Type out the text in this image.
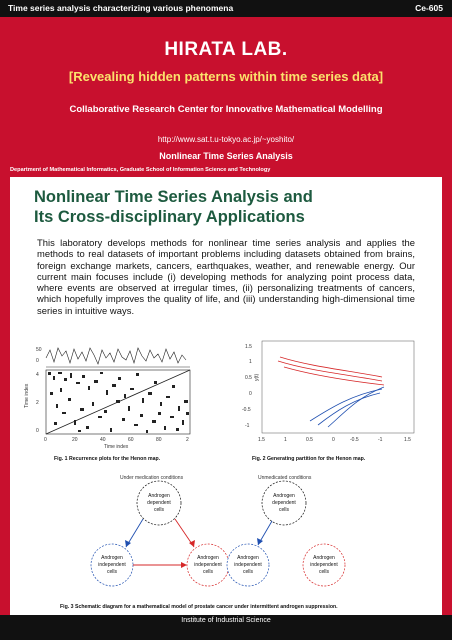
Time series analysis characterizing various phenomena	Ce-605
HIRATA LAB.
[Revealing hidden patterns within time series data]
Collaborative Research Center for Innovative Mathematical Modelling
http://www.sat.t.u-tokyo.ac.jp/~yoshito/
Nonlinear Time Series Analysis
Department of Mathematical Informatics, Graduate School of Information Science and Technology
Nonlinear Time Series Analysis and
Its Cross-disciplinary Applications
This laboratory develops methods for nonlinear time series analysis and applies the methods to real datasets of important problems including datasets obtained from brains, foreign exchange markets, cancers, earthquakes, weather, and renewable energy. Our current main focuses include (i) developing methods for analyzing point process data, where events are observed at irregular times, (ii) personalizing treatments of cancers, which hopefully improves the quality of life, and (iii) understanding high-dimensional time series in intuitive ways.
Time index
50
0
4
2
0
0	20	40	60	80	2
Time index
Fig. 1 Recurrence plots for the Henon map.
y(t)
1.5
1
0.5
0
-0.5
-1
1.5	1	0.5	0	-0.5	-1	1.5
Fig. 2 Generating partition for the Henon map.
Under medication conditions	Unmedicated conditions
Androgen
dependent
cells
Androgen
independent
cells
Androgen
independent
cells
Androgen
dependent
cells
Androgen
independent
cells
Androgen
independent
cells
Fig. 3 Schematic diagram for a mathematical model of prostate cancer under intermittent androgen suppression.
Institute of Industrial Science
